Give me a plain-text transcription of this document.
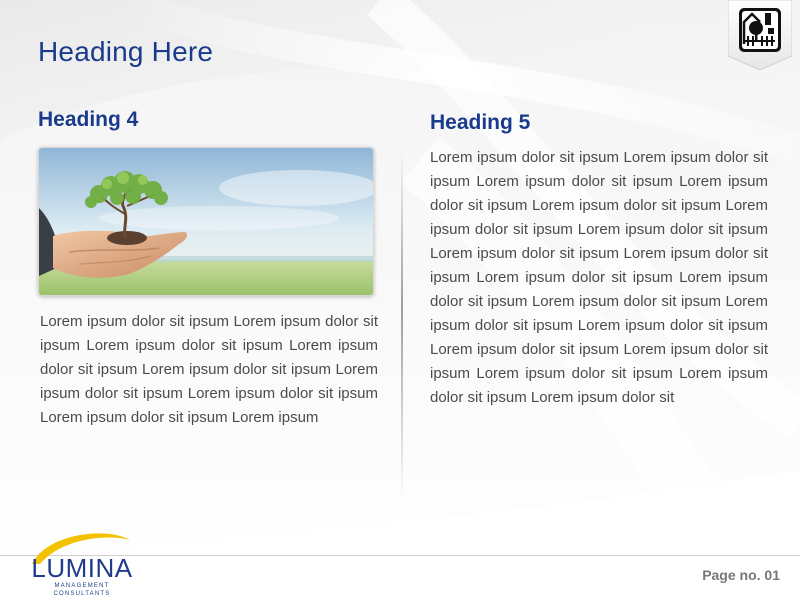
Heading Here
Heading 4

Lorem ipsum dolor sit ipsum Lorem ipsum dolor sit ipsum Lorem ipsum dolor sit ipsum Lorem ipsum dolor sit ipsum Lorem ipsum dolor sit ipsum Lorem ipsum dolor sit ipsum Lorem ipsum dolor sit ipsum Lorem ipsum dolor sit ipsum Lorem ipsum

Heading 5

Lorem ipsum dolor sit ipsum Lorem ipsum dolor sit ipsum Lorem ipsum dolor sit ipsum Lorem ipsum dolor sit ipsum Lorem ipsum dolor sit ipsum Lorem ipsum dolor sit ipsum Lorem ipsum dolor sit ipsum Lorem ipsum dolor sit ipsum Lorem ipsum dolor sit ipsum Lorem ipsum dolor sit ipsum Lorem ipsum dolor sit ipsum Lorem ipsum dolor sit ipsum Lorem ipsum dolor sit ipsum Lorem ipsum dolor sit ipsum Lorem ipsum dolor sit ipsum Lorem ipsum dolor sit ipsum Lorem ipsum dolor sit ipsum Lorem ipsum dolor sit ipsum Lorem ipsum dolor sit

LUMINA
MANAGEMENT CONSULTANTS
Page no. 01
